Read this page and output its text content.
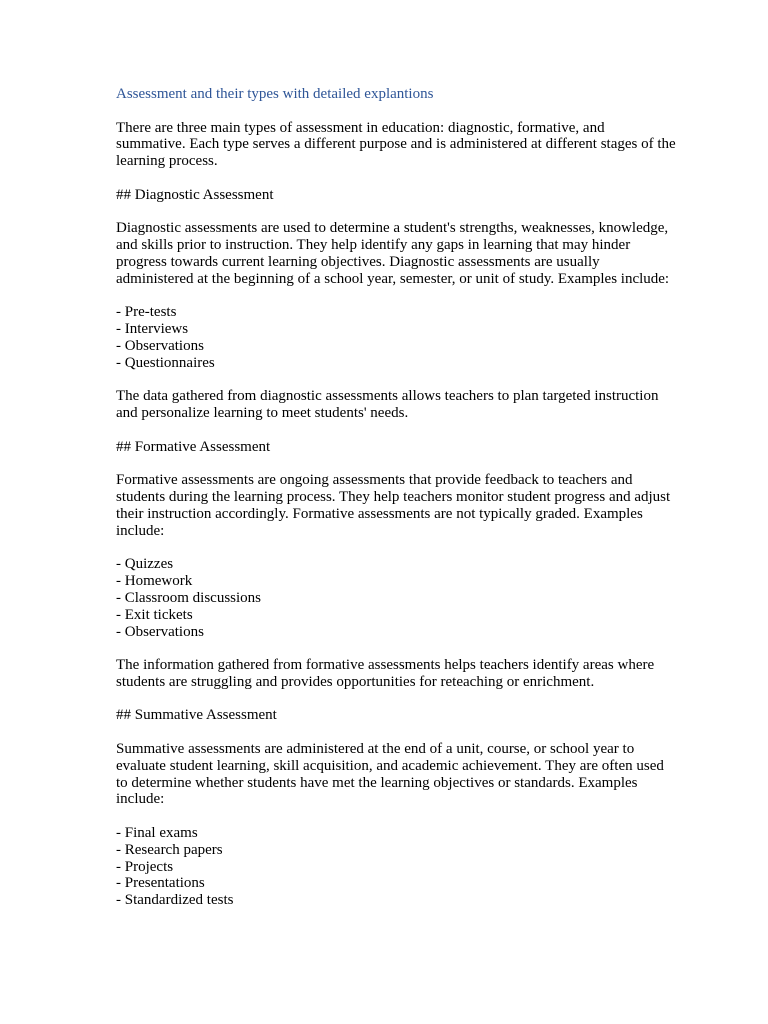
Assessment and their types with detailed explantions

There are three main types of assessment in education: diagnostic, formative, and summative. Each type serves a different purpose and is administered at different stages of the learning process.

## Diagnostic Assessment

Diagnostic assessments are used to determine a student's strengths, weaknesses, knowledge, and skills prior to instruction. They help identify any gaps in learning that may hinder progress towards current learning objectives. Diagnostic assessments are usually administered at the beginning of a school year, semester, or unit of study. Examples include:

- Pre-tests
- Interviews
- Observations
- Questionnaires

The data gathered from diagnostic assessments allows teachers to plan targeted instruction and personalize learning to meet students' needs.

## Formative Assessment

Formative assessments are ongoing assessments that provide feedback to teachers and students during the learning process. They help teachers monitor student progress and adjust their instruction accordingly. Formative assessments are not typically graded. Examples include:

- Quizzes
- Homework
- Classroom discussions
- Exit tickets
- Observations

The information gathered from formative assessments helps teachers identify areas where students are struggling and provides opportunities for reteaching or enrichment.

## Summative Assessment

Summative assessments are administered at the end of a unit, course, or school year to evaluate student learning, skill acquisition, and academic achievement. They are often used to determine whether students have met the learning objectives or standards. Examples include:

- Final exams
- Research papers
- Projects
- Presentations
- Standardized tests
